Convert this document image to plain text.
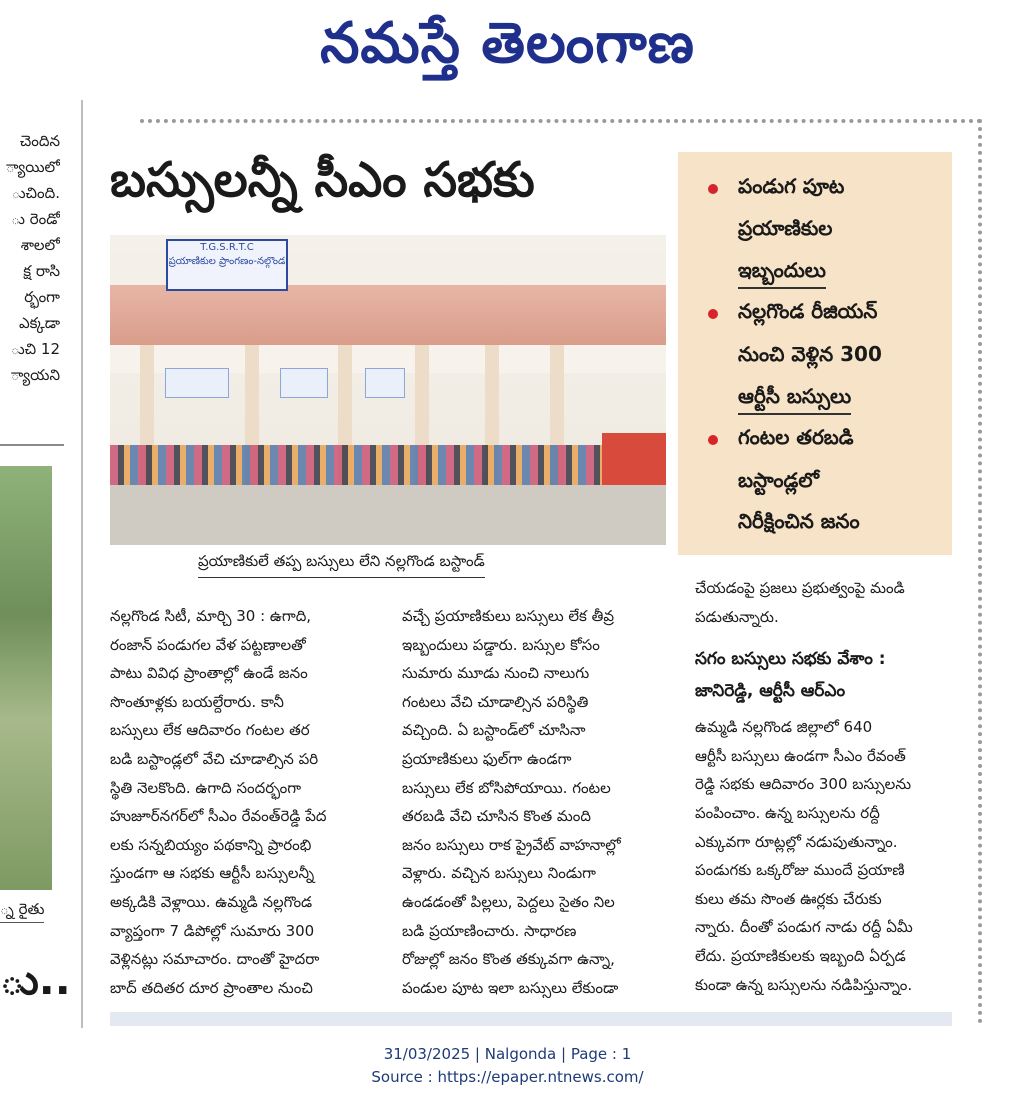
నమస్తే తెలంగాణ
చెందిన
్యాయిలో
ుచింది.
ు రెండో
శాలలో
క్ష రాసి
ర్భంగా
ఎక్కడా
ుచి 12
్యాయని
్న రైతు
ు..
బస్సులన్నీ సీఎం సభకు
T.G.S.R.T.C
ప్రయాణికుల ప్రాంగణం-నల్గొండ
ప్రయాణికులే తప్ప బస్సులు లేని నల్లగొండ బస్టాండ్
పండుగ పూట
ప్రయాణికుల
ఇబ్బందులు
నల్లగొండ రీజియన్
నుంచి వెళ్లిన 300
ఆర్టీసీ బస్సులు
గంటల తరబడి
బస్టాండ్లలో
నిరీక్షించిన జనం
నల్లగొండ సిటీ, మార్చి 30 : ఉగాది,
రంజాన్ పండుగల వేళ పట్టణాలతో
పాటు వివిధ ప్రాంతాల్లో ఉండే జనం
సొంతూళ్లకు బయల్దేరారు. కానీ
బస్సులు లేక ఆదివారం గంటల తర
బడి బస్టాండ్లలో వేచి చూడాల్సిన పరి
స్థితి నెలకొంది. ఉగాది సందర్భంగా
హుజూర్‌నగర్‌లో సీఎం రేవంత్‌రెడ్డి పేద
లకు సన్నబియ్యం పథకాన్ని ప్రారంభి
స్తుండగా ఆ సభకు ఆర్టీసీ బస్సులన్నీ
అక్కడికి వెళ్లాయి. ఉమ్మడి నల్లగొండ
వ్యాప్తంగా 7 డిపోల్లో సుమారు 300
వెళ్లినట్లు సమాచారం. దాంతో హైదరా
బాద్ తదితర దూర ప్రాంతాల నుంచి
వచ్చే ప్రయాణికులు బస్సులు లేక తీవ్ర
ఇబ్బందులు పడ్డారు. బస్సుల కోసం
సుమారు మూడు నుంచి నాలుగు
గంటలు వేచి చూడాల్సిన పరిస్థితి
వచ్చింది. ఏ బస్టాండ్‌లో చూసినా
ప్రయాణికులు ఫుల్‌గా ఉండగా
బస్సులు లేక బోసిపోయాయి. గంటల
తరబడి వేచి చూసిన కొంత మంది
జనం బస్సులు రాక ప్రైవేట్ వాహనాల్లో
వెళ్లారు. వచ్చిన బస్సులు నిండుగా
ఉండడంతో పిల్లలు, పెద్దలు సైతం నిల
బడి ప్రయాణించారు. సాధారణ
రోజుల్లో జనం కొంత తక్కువగా ఉన్నా,
పండుల పూట ఇలా బస్సులు లేకుండా
చేయడంపై ప్రజలు ప్రభుత్వంపై మండి
పడుతున్నారు.
సగం బస్సులు సభకు వేశాం :
జానిరెడ్డి, ఆర్టీసీ ఆర్ఎం
ఉమ్మడి నల్లగొండ జిల్లాలో 640
ఆర్టీసీ బస్సులు ఉండగా సీఎం రేవంత్
రెడ్డి సభకు ఆదివారం 300 బస్సులను
పంపించాం. ఉన్న బస్సులను రద్దీ
ఎక్కువగా రూట్లల్లో నడుపుతున్నాం.
పండుగకు ఒక్కరోజు ముందే ప్రయాణి
కులు తమ సొంత ఊర్లకు చేరుకు
న్నారు. దీంతో పండుగ నాడు రద్దీ ఏమీ
లేదు. ప్రయాణికులకు ఇబ్బంది ఏర్పడ
కుండా ఉన్న బస్సులను నడిపిస్తున్నాం.
31/03/2025 | Nalgonda | Page : 1
Source : https://epaper.ntnews.com/
